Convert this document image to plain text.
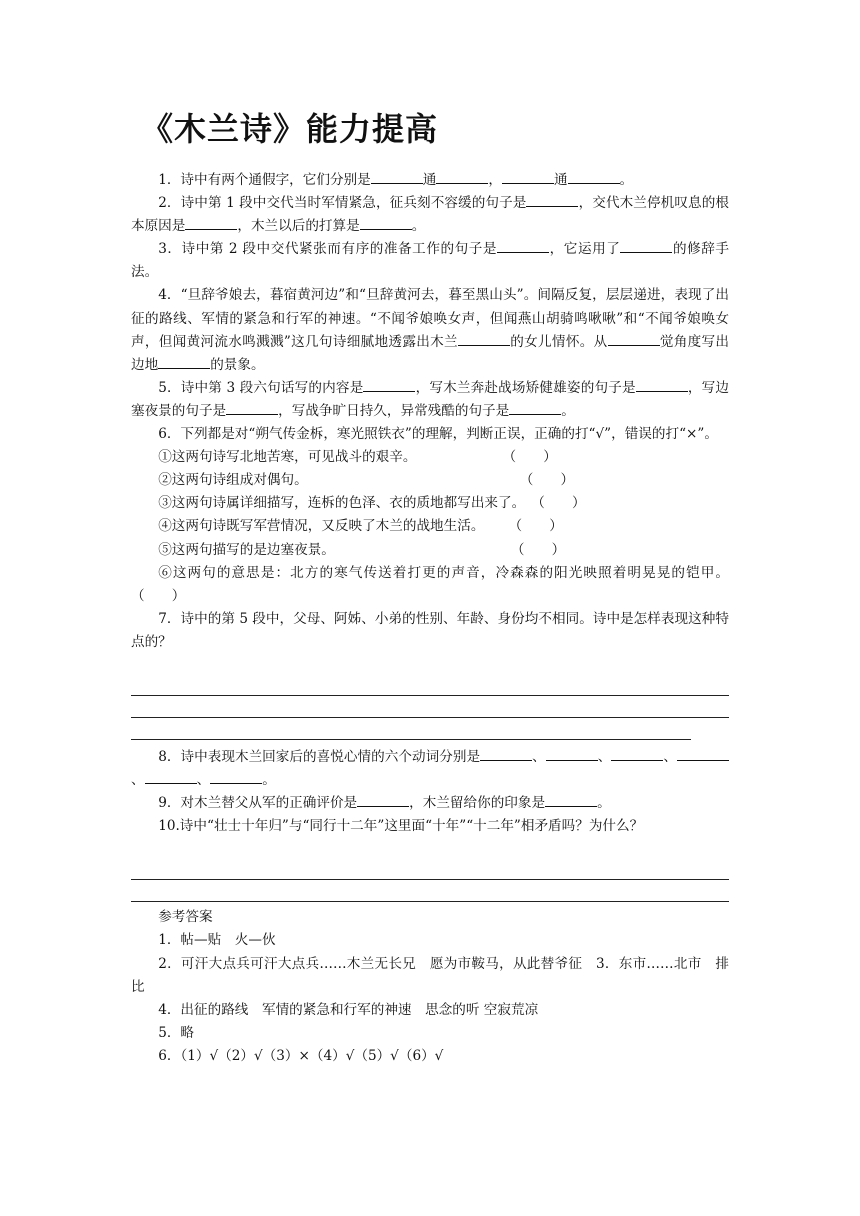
《木兰诗》能力提高

1．诗中有两个通假字，它们分别是	通	，	通	。

2．诗中第 1 段中交代当时军情紧急，征兵刻不容缓的句子是	，交代木兰停机叹息的根本原因是	，木兰以后的打算是	。

3．诗中第 2 段中交代紧张而有序的准备工作的句子是	，它运用了	的修辞手法。

4．“旦辞爷娘去，暮宿黄河边”和“旦辞黄河去，暮至黑山头”。间隔反复，层层递进，表现了出征的路线、军情的紧急和行军的神速。“不闻爷娘唤女声，但闻燕山胡骑鸣啾啾”和“不闻爷娘唤女声，但闻黄河流水鸣溅溅”这几句诗细腻地透露出木兰	的女儿情怀。从	觉角度写出边地	的景象。

5．诗中第 3 段六句话写的内容是	，写木兰奔赴战场矫健雄姿的句子是	，写边塞夜景的句子是	，写战争旷日持久，异常残酷的句子是	。

6．下列都是对“朔气传金柝，寒光照铁衣”的理解，判断正误，正确的打“√”，错误的打“×”。

①这两句诗写北地苦寒，可见战斗的艰辛。	（　　）

②这两句诗组成对偶句。	（　　）

③这两句诗属详细描写，连柝的色泽、衣的质地都写出来了。 （　　）

④这两句诗既写军营情况，又反映了木兰的战地生活。 （　　）

⑤这两句描写的是边塞夜景。	（　　）

⑥这两句的意思是：北方的寒气传送着打更的声音，冷森森的阳光映照着明晃晃的铠甲。（　　）

7．诗中的第 5 段中，父母、阿姊、小弟的性别、年龄、身份均不相同。诗中是怎样表现这种特点的？

8．诗中表现木兰回家后的喜悦心情的六个动词分别是	、	、	、、	、	。

9．对木兰替父从军的正确评价是	，木兰留给你的印象是	。

10.诗中“壮士十年归”与“同行十二年”这里面“十年”“十二年”相矛盾吗？为什么？

参考答案

1．帖—贴　火—伙

2．可汗大点兵可汗大点兵……木兰无长兄　愿为市鞍马，从此替爷征　3．东市……北市　排比

4．出征的路线　军情的紧急和行军的神速　思念的听 空寂荒凉

5．略

6．（1）√（2）√（3）×（4）√（5）√（6）√
